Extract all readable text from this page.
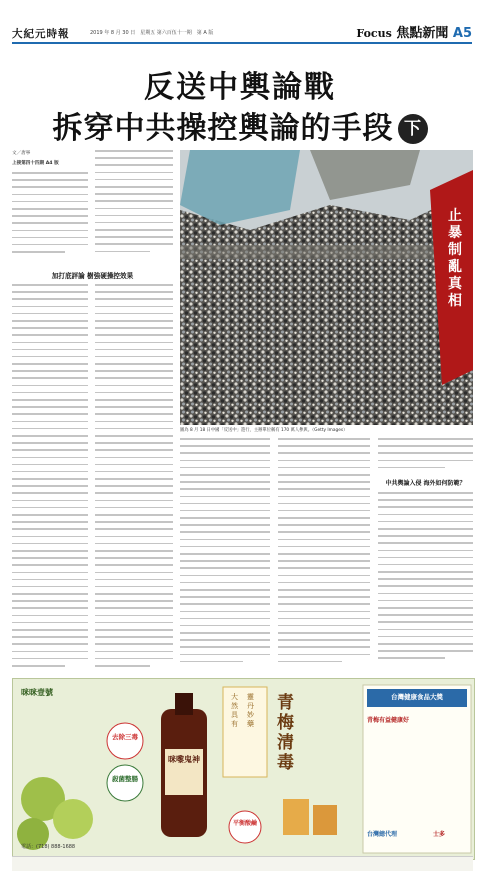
大紀元時報	2019 年 8 月 30 日　星期五 第六百伍十一期　第 A 版	Focus 焦點新聞 A5
反送中輿論戰
拆穿中共操控輿論的手段 下
文／唐寧
上接第四十四期 A4 版
加打底評論 樹強硬操控效果
止暴制亂真相
圖為 8 月 18 日中國「反送中」遊行，主辦單位稱有 170 萬人參與。（Getty Images）
中共輿論入侵 海外如何防範？
咪咪壹號
去除三毒
殺菌整腸
平衡酸鹼
咪嚟鬼神
青梅清毒
大然具有
靈丹妙藥
台灣健康食品大獎
青梅有益健康好
電話：(718) 888-1688
台灣總代理	士多
